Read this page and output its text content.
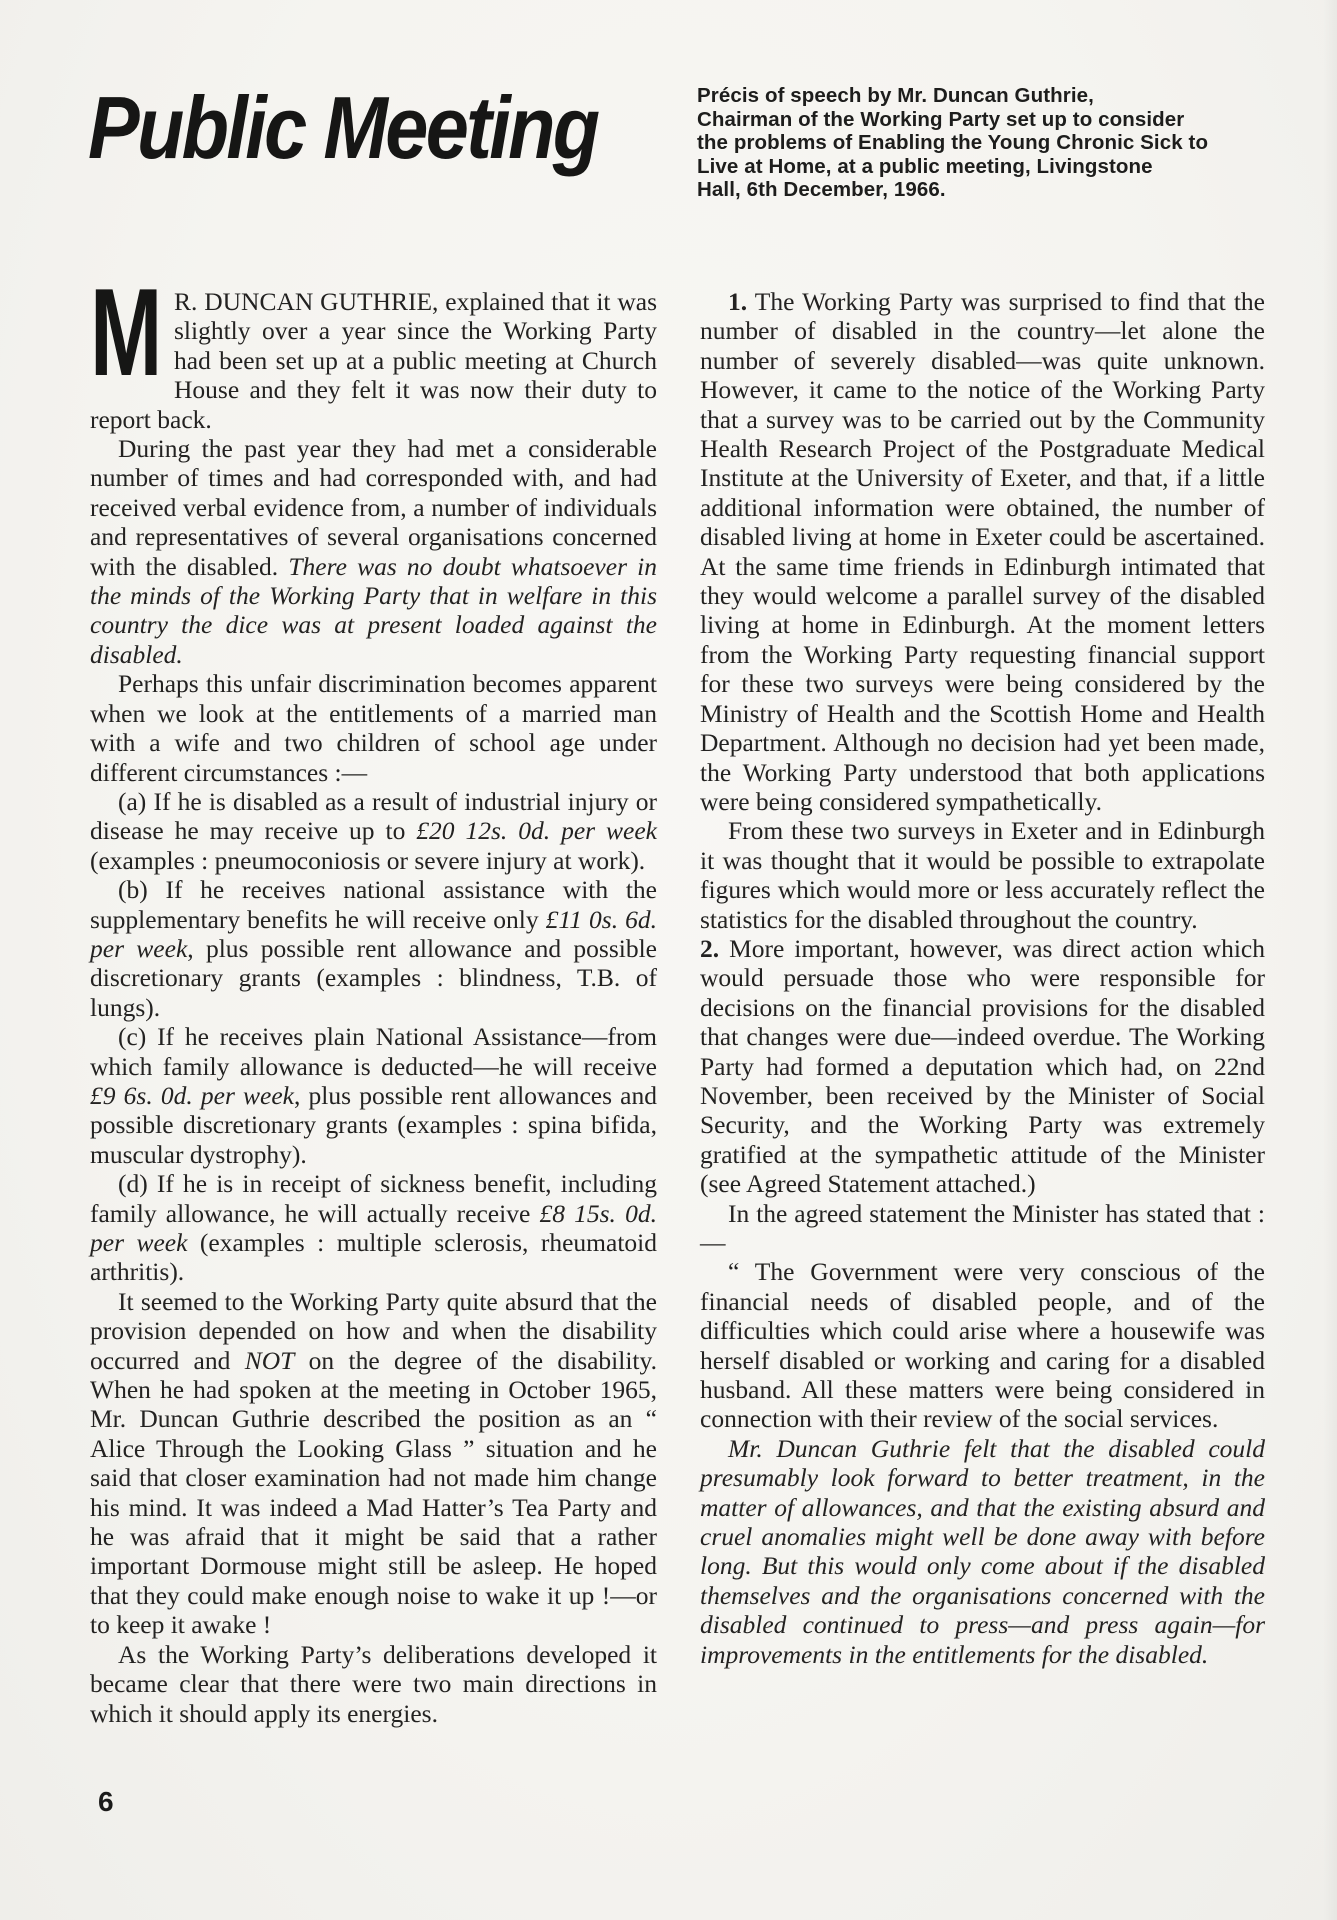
Public Meeting	Précis of speech by Mr. Duncan Guthrie,
Chairman of the Working Party set up to consider
the problems of Enabling the Young Chronic Sick to
Live at Home, at a public meeting, Livingstone
Hall, 6th December, 1966.

M R. DUNCAN GUTHRIE, explained that it was slightly over a year since the Working Party had been set up at a public meeting at Church House and they felt it was now their duty to report back.

During the past year they had met a considerable number of times and had corresponded with, and had received verbal evidence from, a number of individuals and representatives of several organisations concerned with the disabled. There was no doubt whatsoever in the minds of the Working Party that in welfare in this country the dice was at present loaded against the disabled.

Perhaps this unfair discrimination becomes apparent when we look at the entitlements of a married man with a wife and two children of school age under different circumstances :—

(a) If he is disabled as a result of industrial injury or disease he may receive up to £20 12s. 0d. per week (examples : pneumoconiosis or severe injury at work).

(b) If he receives national assistance with the supplementary benefits he will receive only £11 0s. 6d. per week, plus possible rent allowance and possible discretionary grants (examples : blindness, T.B. of lungs).

(c) If he receives plain National Assistance—from which family allowance is deducted—he will receive £9 6s. 0d. per week, plus possible rent allowances and possible discretionary grants (examples : spina bifida, muscular dystrophy).

(d) If he is in receipt of sickness benefit, including family allowance, he will actually receive £8 15s. 0d. per week (examples : multiple sclerosis, rheumatoid arthritis).

It seemed to the Working Party quite absurd that the provision depended on how and when the disability occurred and NOT on the degree of the disability. When he had spoken at the meeting in October 1965, Mr. Duncan Guthrie described the position as an “ Alice Through the Looking Glass ” situation and he said that closer examination had not made him change his mind. It was indeed a Mad Hatter’s Tea Party and he was afraid that it might be said that a rather important Dormouse might still be asleep. He hoped that they could make enough noise to wake it up !—or to keep it awake !

As the Working Party’s deliberations developed it became clear that there were two main directions in which it should apply its energies.

1. The Working Party was surprised to find that the number of disabled in the country—let alone the number of severely disabled—was quite unknown. However, it came to the notice of the Working Party that a survey was to be carried out by the Community Health Research Project of the Postgraduate Medical Institute at the University of Exeter, and that, if a little additional information were obtained, the number of disabled living at home in Exeter could be ascertained. At the same time friends in Edinburgh intimated that they would welcome a parallel survey of the disabled living at home in Edinburgh. At the moment letters from the Working Party requesting financial support for these two surveys were being considered by the Ministry of Health and the Scottish Home and Health Department. Although no decision had yet been made, the Working Party understood that both applications were being considered sympathetically.

From these two surveys in Exeter and in Edinburgh it was thought that it would be possible to extrapolate figures which would more or less accurately reflect the statistics for the disabled throughout the country.

2. More important, however, was direct action which would persuade those who were responsible for decisions on the financial provisions for the disabled that changes were due—indeed overdue. The Working Party had formed a deputation which had, on 22nd November, been received by the Minister of Social Security, and the Working Party was extremely gratified at the sympathetic attitude of the Minister (see Agreed Statement attached.)

In the agreed statement the Minister has stated that :—

“ The Government were very conscious of the financial needs of disabled people, and of the difficulties which could arise where a housewife was herself disabled or working and caring for a disabled husband. All these matters were being considered in connection with their review of the social services.

Mr. Duncan Guthrie felt that the disabled could presumably look forward to better treatment, in the matter of allowances, and that the existing absurd and cruel anomalies might well be done away with before long. But this would only come about if the disabled themselves and the organisations concerned with the disabled continued to press—and press again—for improvements in the entitlements for the disabled.

6
